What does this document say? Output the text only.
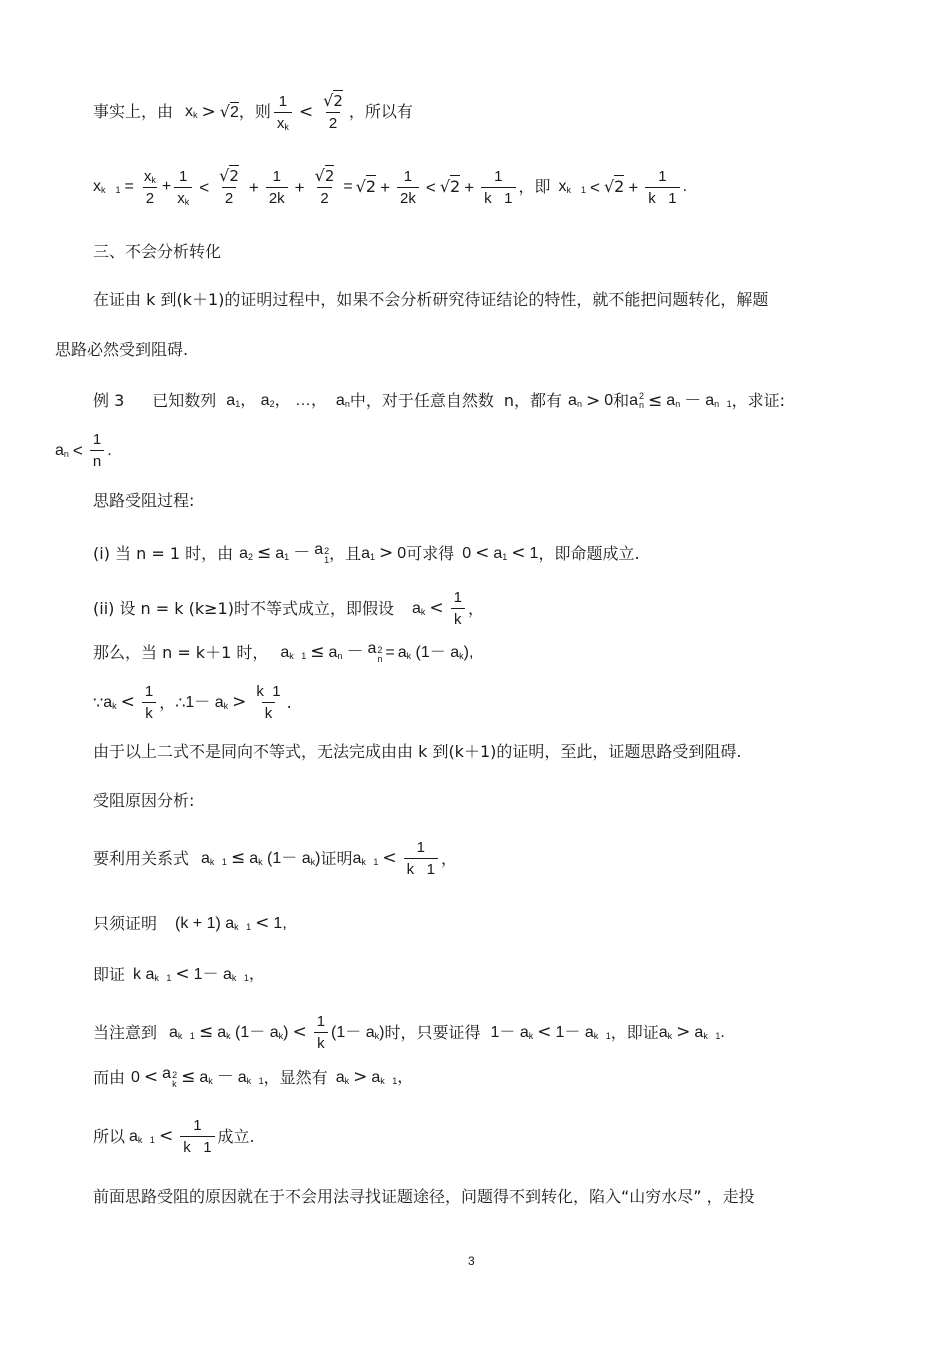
事实上，由 $x_k > √2$ ，则 $\frac{1}{x_k} < \frac{√2}{2}$ ，所以有
$x_{k 1} = \frac{x_k}{2} + \frac{1}{x_k} < \frac{√2}{2} + \frac{1}{2k} + \frac{√2}{2} = √2 + \frac{1}{2k} < √2 + \frac{1}{k 1}$ ，即 $x_{k 1} < √2 + \frac{1}{k 1}$ .
三、不会分析转化
在证由 k 到(k＋1)的证明过程中，如果不会分析研究待证结论的特性，就不能把问题转化，解题
思路必然受到阻碍.
例 3 已知数列 $a_1$， $a_2$， …，  $a_n$ 中，对于任意自然数 n，都有 $a_n > 0$ 和 a 2
$n \le a_n - a_{n 1}$ ，求证:
$a_n < \frac{1}{n}$ .
思路受阻过程:
(i) 当 n = 1 时，由 $a_2 \le a_1 - a$ 2
1 ，且 $a_1 > 0$ 可求得 $0 < a_1 < 1$ ，即命题成立.
(ii) 设 n = k (k≥1)时不等式成立，即假设 $a_k < \frac{1}{k}$ ，
那么，当 n = k＋1 时， $a_{k 1} \le a_n - a$ 2
$n = a_k$ $(1- a_k)$,
∵ $a_k < \frac{1}{k}$ ，∴ $1- a_k > \frac{k 1}{k}$ .
由于以上二式不是同向不等式，无法完成由由 k 到(k＋1)的证明，至此，证题思路受到阻碍.
受阻原因分析:
要利用关系式 $a_{k 1} \le a_k$ $(1- a_k)$ 证明 $a_{k 1} < \frac{1}{k 1}$ ，
只须证明 (k + 1) $a_{k 1} < 1$,
即证 k $a_{k 1} < 1- a_{k 1}$，
当注意到 $a_{k 1} \le a_k$ $(1- a_k) < \frac{1}{k} (1- a_k)$ 时，只要证得 $1- a_k < 1- a_{k 1}$ ，即证 $a_k > a_{k 1}$.
而由 0 < a 2
$k \le a_k - a_{k 1}$ ，显然有 $a_k > a_{k 1}$，
所以 $a_{k 1} < \frac{1}{k 1}$ 成立.
前面思路受阻的原因就在于不会用法寻找证题途径，问题得不到转化，陷入“山穷水尽” ，走投
3
